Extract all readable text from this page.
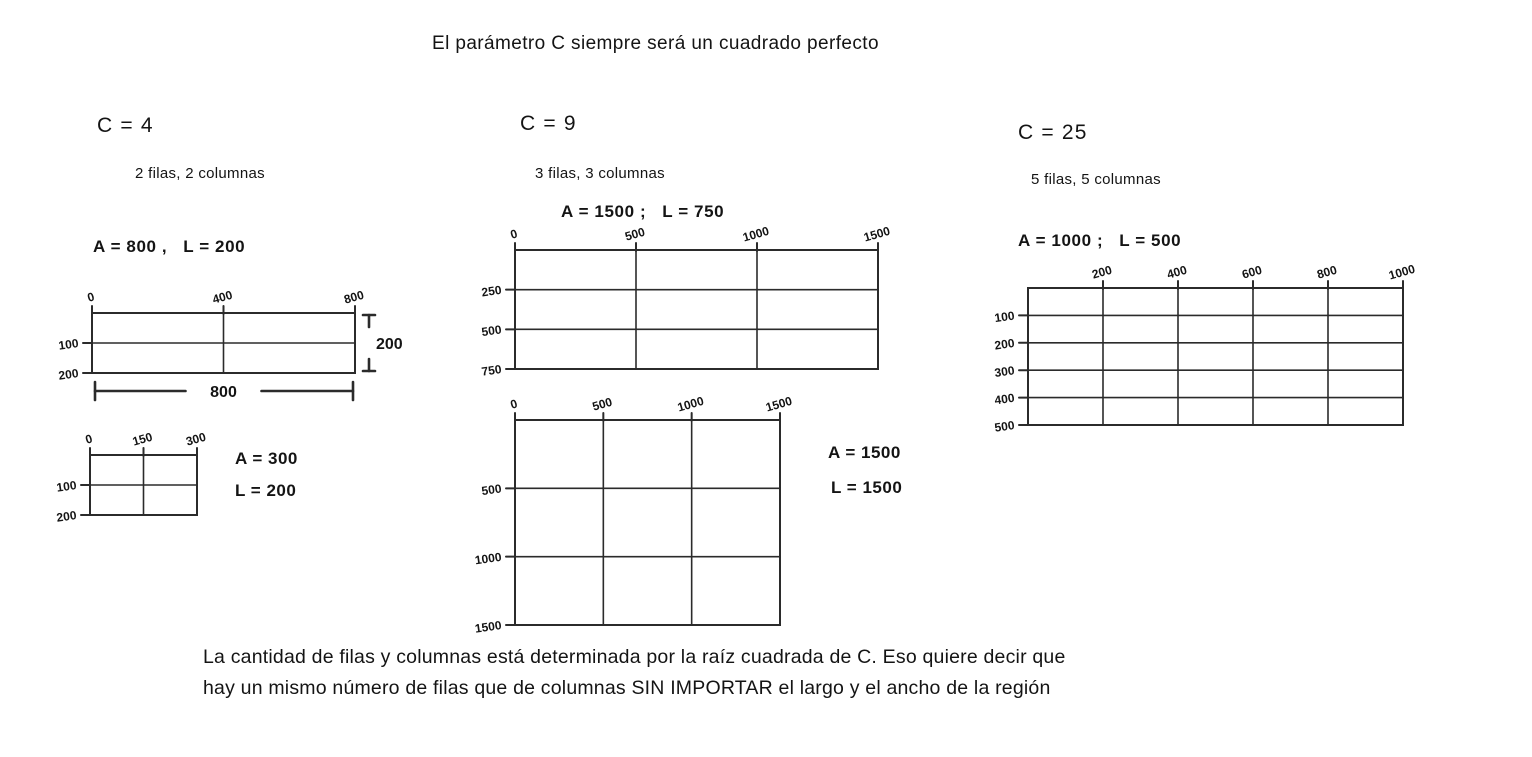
El parámetro C siempre será un cuadrado perfecto
C = 4
2 filas, 2 columnas
A = 800 ,   L = 200
0	400	800
100
200
800
200
0	150	300
100
200
A = 300
L = 200
C = 9
3 filas, 3 columnas
A = 1500 ;   L = 750
0	500	1000	1500
250
500
750
0	500	1000	1500
500
1000
1500
A = 1500
L = 1500
C = 25
5 filas, 5 columnas
A = 1000 ;   L = 500
200	400	600	800	1000
100
200
300
400
500
La cantidad de filas y columnas está determinada por la raíz cuadrada de C. Eso quiere decir que
hay un mismo número de filas que de columnas SIN IMPORTAR el largo y el ancho de la región
